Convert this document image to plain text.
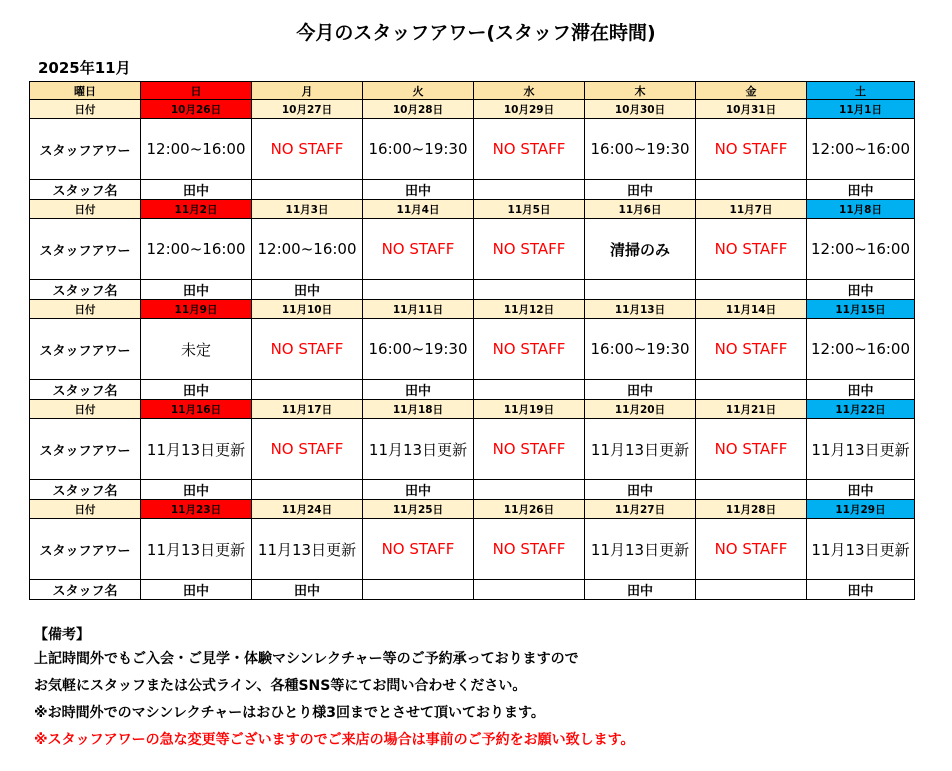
今月のスタッフアワー(スタッフ滞在時間)
2025年11月
曜日	日	月	火	水	木	金	土
日付	10月26日	10月27日	10月28日	10月29日	10月30日	10月31日	11月1日
スタッフアワー	12:00~16:00	NO STAFF	16:00~19:30	NO STAFF	16:00~19:30	NO STAFF	12:00~16:00
スタッフ名	田中		田中		田中		田中
日付	11月2日	11月3日	11月4日	11月5日	11月6日	11月7日	11月8日
スタッフアワー	12:00~16:00	12:00~16:00	NO STAFF	NO STAFF	清掃のみ	NO STAFF	12:00~16:00
スタッフ名	田中	田中					田中
日付	11月9日	11月10日	11月11日	11月12日	11月13日	11月14日	11月15日
スタッフアワー	未定	NO STAFF	16:00~19:30	NO STAFF	16:00~19:30	NO STAFF	12:00~16:00
スタッフ名	田中		田中		田中		田中
日付	11月16日	11月17日	11月18日	11月19日	11月20日	11月21日	11月22日
スタッフアワー	11月13日更新	NO STAFF	11月13日更新	NO STAFF	11月13日更新	NO STAFF	11月13日更新
スタッフ名	田中		田中		田中		田中
日付	11月23日	11月24日	11月25日	11月26日	11月27日	11月28日	11月29日
スタッフアワー	11月13日更新	11月13日更新	NO STAFF	NO STAFF	11月13日更新	NO STAFF	11月13日更新
スタッフ名	田中	田中			田中		田中
【備考】
上記時間外でもご入会・ご見学・体験マシンレクチャー等のご予約承っておりますので
お気軽にスタッフまたは公式ライン、各種SNS等にてお問い合わせください。
※お時間外でのマシンレクチャーはおひとり様3回までとさせて頂いております。
※スタッフアワーの急な変更等ございますのでご来店の場合は事前のご予約をお願い致します。
